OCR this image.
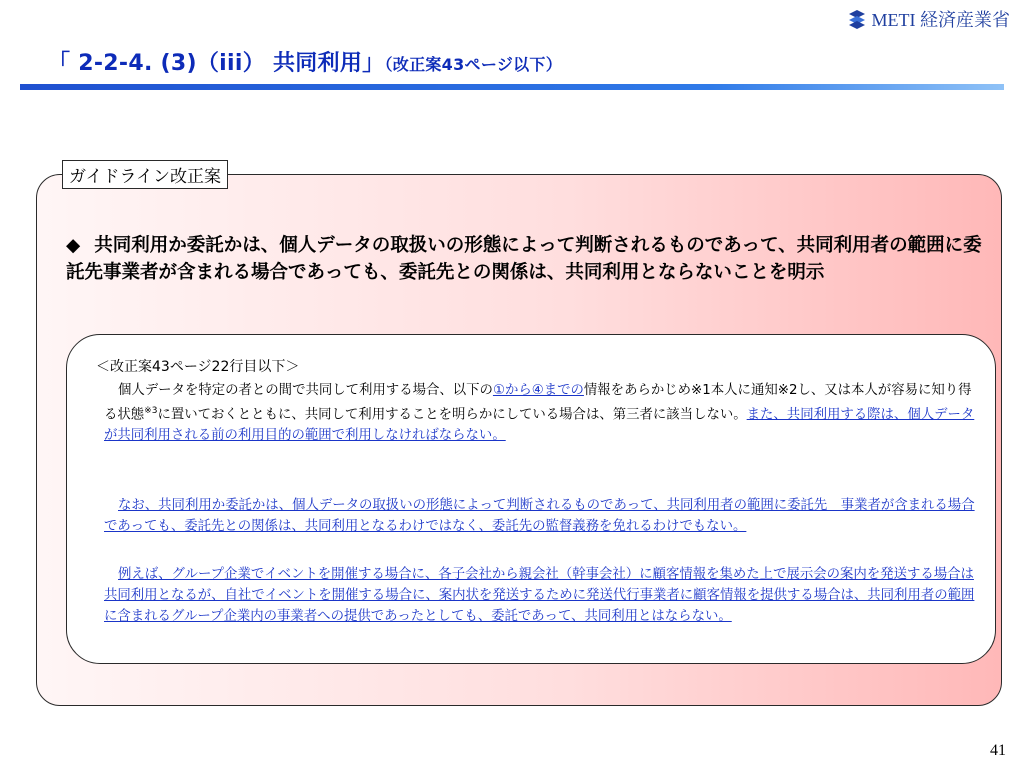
METI 経済産業省
「 2-2-4. (3)（iii） 共同利用」（改正案43ページ以下）
ガイドライン改正案
◆ 共同利用か委託かは、個人データの取扱いの形態によって判断されるものであって、共同利用者の範囲に委託先事業者が含まれる場合であっても、委託先との関係は、共同利用とならないことを明示
＜改正案43ページ22行目以下＞
個人データを特定の者との間で共同して利用する場合、以下の①から④までの情報をあらかじめ※1本人に通知※2し、又は本人が容易に知り得る状態$^{※3}$に置いておくとともに、共同して利用することを明らかにしている場合は、第三者に該当しない。また、共同利用する際は、個人データが共同利用される前の利用目的の範囲で利用しなければならない。
なお、共同利用か委託かは、個人データの取扱いの形態によって判断されるものであって、共同利用者の範囲に委託先　事業者が含まれる場合であっても、委託先との関係は、共同利用となるわけではなく、委託先の監督義務を免れるわけでもない。
例えば、グループ企業でイベントを開催する場合に、各子会社から親会社（幹事会社）に顧客情報を集めた上で展示会の案内を発送する場合は共同利用となるが、自社でイベントを開催する場合に、案内状を発送するために発送代行事業者に顧客情報を提供する場合は、共同利用者の範囲に含まれるグループ企業内の事業者への提供であったとしても、委託であって、共同利用とはならない。
41
